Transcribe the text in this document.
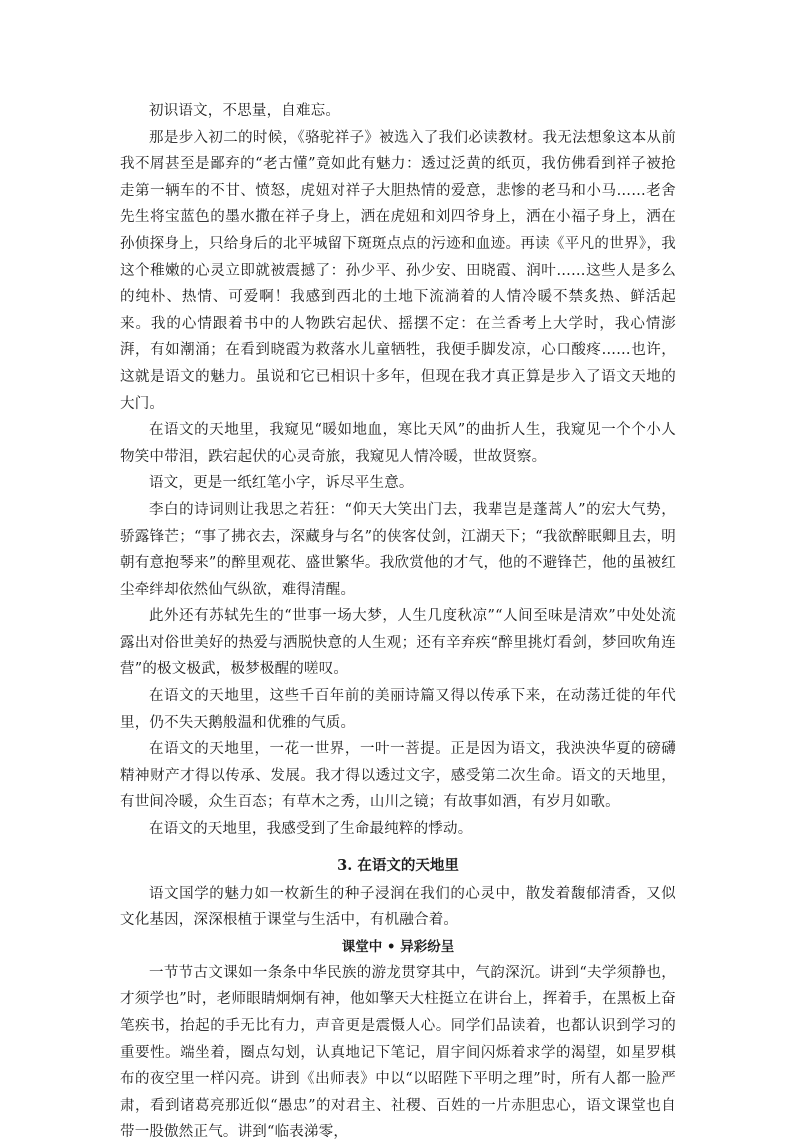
初识语文，不思量，自难忘。

那是步入初二的时候，《骆驼祥子》被选入了我们必读教材。我无法想象这本从前我不屑甚至是鄙弃的“老古懂”竟如此有魅力：透过泛黄的纸页，我仿佛看到祥子被抢走第一辆车的不甘、愤怒，虎妞对祥子大胆热情的爱意，悲惨的老马和小马……老舍先生将宝蓝色的墨水撒在祥子身上，洒在虎妞和刘四爷身上，洒在小福子身上，洒在孙侦探身上，只给身后的北平城留下斑斑点点的污迹和血迹。再读《平凡的世界》，我这个稚嫩的心灵立即就被震撼了：孙少平、孙少安、田晓霞、润叶……这些人是多么的纯朴、热情、可爱啊！我感到西北的土地下流淌着的人情冷暖不禁炙热、鲜活起来。我的心情跟着书中的人物跌宕起伏、摇摆不定：在兰香考上大学时，我心情澎湃，有如潮涌；在看到晓霞为救落水儿童牺牲，我便手脚发凉，心口酸疼……也许，这就是语文的魅力。虽说和它已相识十多年，但现在我才真正算是步入了语文天地的大门。

在语文的天地里，我窥见“暖如地血，寒比天风”的曲折人生，我窥见一个个小人物笑中带泪，跌宕起伏的心灵奇旅，我窥见人情冷暖，世故贤察。

语文，更是一纸红笔小字，诉尽平生意。

李白的诗词则让我思之若狂：“仰天大笑出门去，我辈岂是蓬蒿人”的宏大气势，骄露锋芒；“事了拂衣去，深藏身与名”的侠客仗剑，江湖天下；“我欲醉眠卿且去，明朝有意抱琴来”的醉里观花、盛世繁华。我欣赏他的才气，他的不避锋芒，他的虽被红尘牵绊却依然仙气纵欲，难得清醒。

此外还有苏轼先生的“世事一场大梦，人生几度秋凉”“人间至味是清欢”中处处流露出对俗世美好的热爱与洒脱快意的人生观；还有辛弃疾“醉里挑灯看剑，梦回吹角连营”的极文极武，极梦极醒的嗟叹。

在语文的天地里，这些千百年前的美丽诗篇又得以传承下来，在动荡迁徙的年代里，仍不失天鹅般温和优雅的气质。

在语文的天地里，一花一世界，一叶一菩提。正是因为语文，我泱泱华夏的磅礴精神财产才得以传承、发展。我才得以透过文字，感受第二次生命。语文的天地里，有世间冷暖，众生百态；有草木之秀，山川之镜；有故事如酒，有岁月如歌。

在语文的天地里，我感受到了生命最纯粹的悸动。

3. 在语文的天地里

语文国学的魅力如一枚新生的种子浸润在我们的心灵中，散发着馥郁清香，又似文化基因，深深根植于课堂与生活中，有机融合着。

课堂中 • 异彩纷呈

一节节古文课如一条条中华民族的游龙贯穿其中，气韵深沉。讲到“夫学须静也，才须学也”时，老师眼睛炯炯有神，他如擎天大柱挺立在讲台上，挥着手，在黑板上奋笔疾书，抬起的手无比有力，声音更是震慑人心。同学们品读着，也都认识到学习的重要性。端坐着，圈点勾划，认真地记下笔记，眉宇间闪烁着求学的渴望，如星罗棋布的夜空里一样闪亮。讲到《出师表》中以“以昭陛下平明之理”时，所有人都一脸严肃，看到诸葛亮那近似“愚忠”的对君主、社稷、百姓的一片赤胆忠心，语文课堂也自带一股傲然正气。讲到“临表涕零，
